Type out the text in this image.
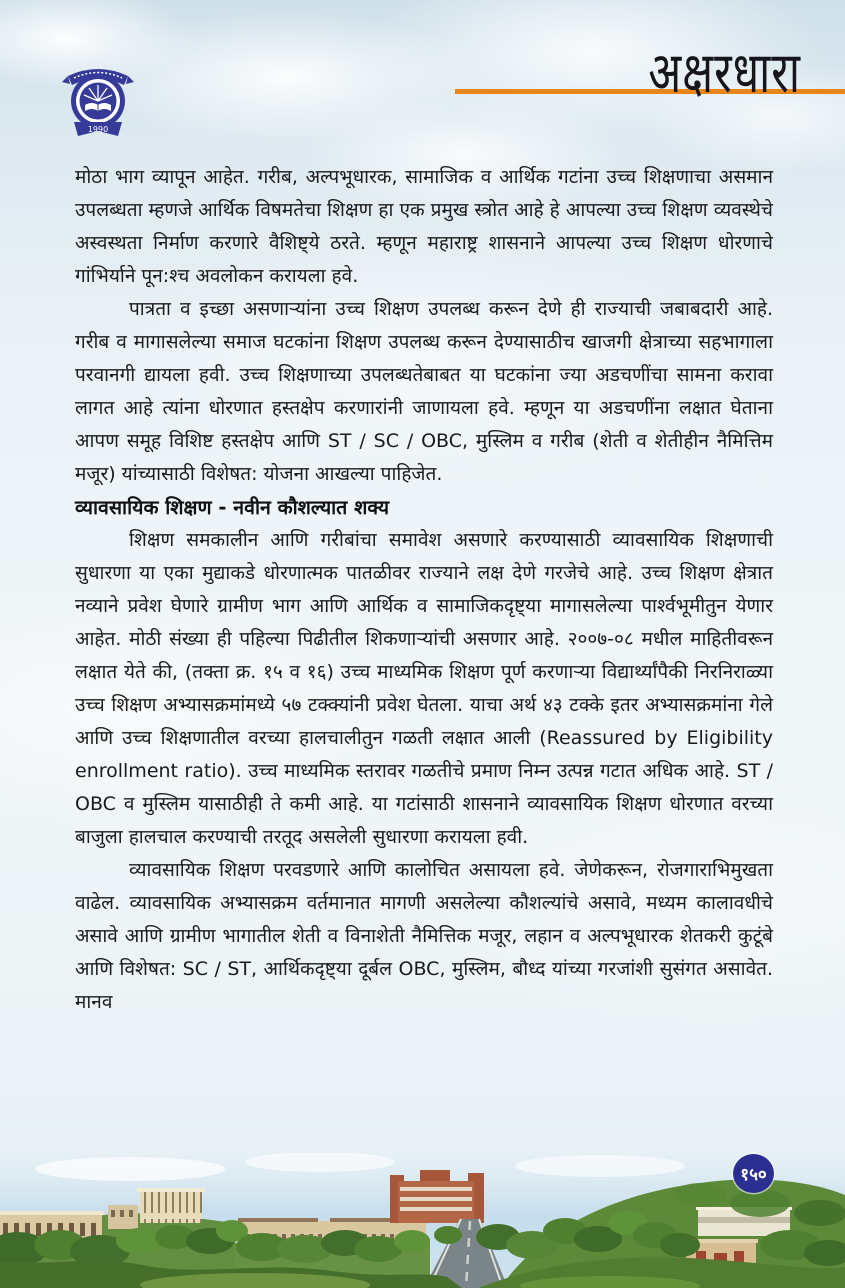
1990
अक्षरधारा

मोठा भाग व्यापून आहेत. गरीब, अल्पभूधारक, सामाजिक व आर्थिक गटांना उच्च शिक्षणाचा असमान उपलब्धता म्हणजे आर्थिक विषमतेचा शिक्षण हा एक प्रमुख स्त्रोत आहे हे आपल्या उच्च शिक्षण व्यवस्थेचे अस्वस्थता निर्माण करणारे वैशिष्ट्ये ठरते. म्हणून महाराष्ट्र शासनाने आपल्या उच्च शिक्षण धोरणाचे गांभिर्याने पून:श्च अवलोकन करायला हवे.

पात्रता व इच्छा असणाऱ्यांना उच्च शिक्षण उपलब्ध करून देणे ही राज्याची जबाबदारी आहे. गरीब व मागासलेल्या समाज घटकांना शिक्षण उपलब्ध करून देण्यासाठीच खाजगी क्षेत्राच्या सहभागाला परवानगी द्यायला हवी. उच्च शिक्षणाच्या उपलब्धतेबाबत या घटकांना ज्या अडचणींचा सामना करावा लागत आहे त्यांना धोरणात हस्तक्षेप करणारांनी जाणायला हवे. म्हणून या अडचणींना लक्षात घेताना आपण समूह विशिष्ट हस्तक्षेप आणि ST / SC / OBC, मुस्लिम व गरीब (शेती व शेतीहीन नैमित्तिम मजूर) यांच्यासाठी विशेषत: योजना आखल्या पाहिजेत.

व्यावसायिक शिक्षण - नवीन कौशल्यात शक्य

शिक्षण समकालीन आणि गरीबांचा समावेश असणारे करण्यासाठी व्यावसायिक शिक्षणाची सुधारणा या एका मुद्याकडे धोरणात्मक पातळीवर राज्याने लक्ष देणे गरजेचे आहे. उच्च शिक्षण क्षेत्रात नव्याने प्रवेश घेणारे ग्रामीण भाग आणि आर्थिक व सामाजिकदृष्ट्या मागासलेल्या पार्श्वभूमीतुन येणार आहेत. मोठी संख्या ही पहिल्या पिढीतील शिकणाऱ्यांची असणार आहे. २००७-०८ मधील माहितीवरून लक्षात येते की, (तक्ता क्र. १५ व १६) उच्च माध्यमिक शिक्षण पूर्ण करणाऱ्या विद्यार्थ्यांपैकी निरनिराळ्या उच्च शिक्षण अभ्यासक्रमांमध्ये ५७ टक्क्यांनी प्रवेश घेतला. याचा अर्थ ४३ टक्के इतर अभ्यासक्रमांना गेले आणि उच्च शिक्षणातील वरच्या हालचालीतुन गळती लक्षात आली (Reassured by Eligibility enrollment ratio). उच्च माध्यमिक स्तरावर गळतीचे प्रमाण निम्न उत्पन्न गटात अधिक आहे. ST / OBC व मुस्लिम यासाठीही ते कमी आहे. या गटांसाठी शासनाने व्यावसायिक शिक्षण धोरणात वरच्या बाजुला हालचाल करण्याची तरतूद असलेली सुधारणा करायला हवी.

व्यावसायिक शिक्षण परवडणारे आणि कालोचित असायला हवे. जेणेकरून, रोजगाराभिमुखता वाढेल. व्यावसायिक अभ्यासक्रम वर्तमानात मागणी असलेल्या कौशल्यांचे असावे, मध्यम कालावधीचे असावे आणि ग्रामीण भागातील शेती व विनाशेती नैमित्तिक मजूर, लहान व अल्पभूधारक शेतकरी कुटूंबे आणि विशेषत: SC / ST, आर्थिकदृष्ट्या दूर्बल OBC, मुस्लिम, बौध्द यांच्या गरजांशी सुसंगत असावेत. मानव

१५०
